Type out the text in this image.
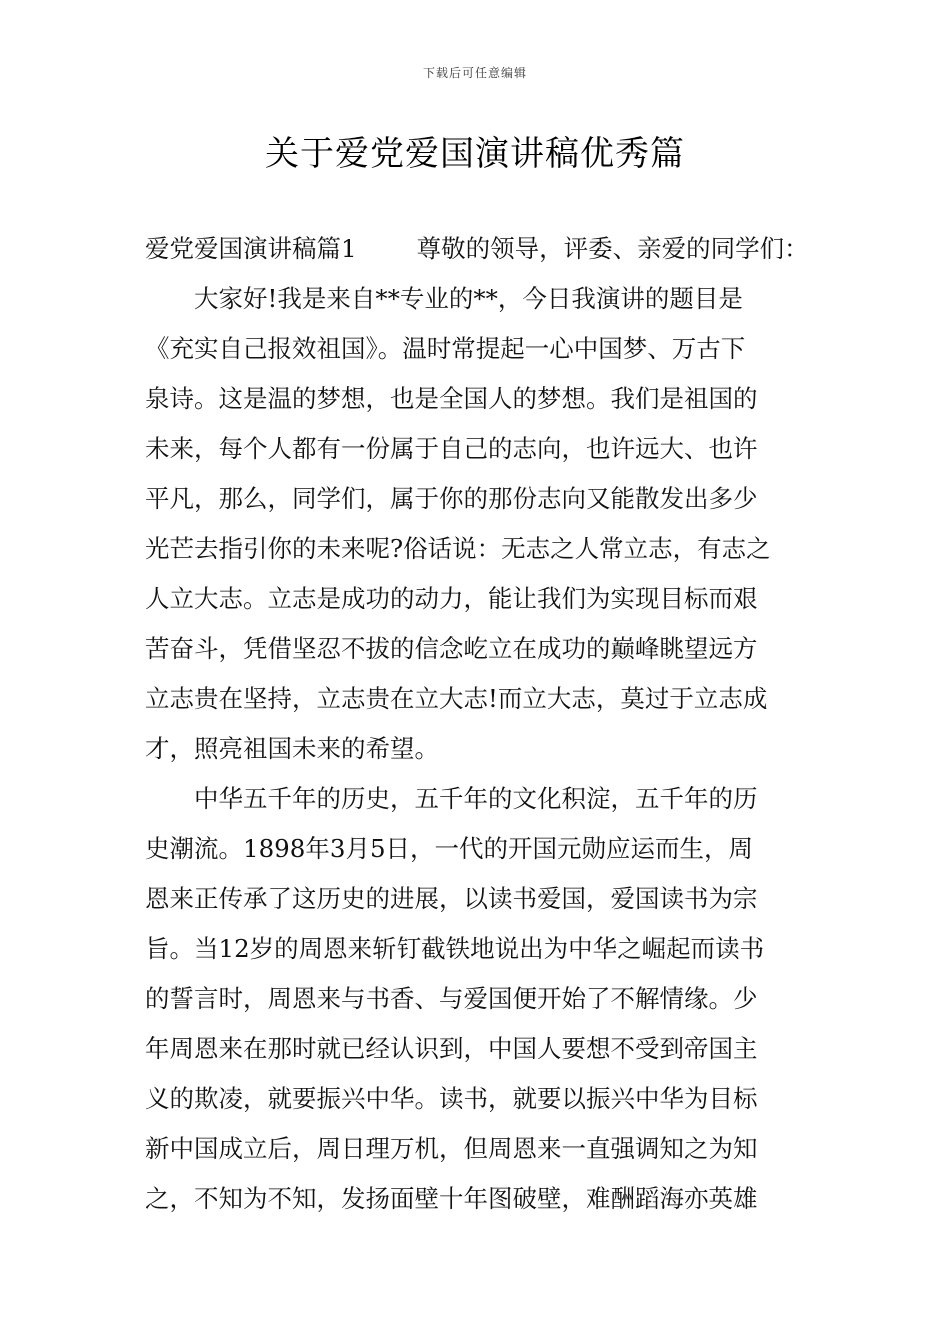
下载后可任意编辑
关于爱党爱国演讲稿优秀篇
爱党爱国演讲稿篇1 尊敬的领导，评委、亲爱的同学们：
　　大家好!我是来自**专业的**，今日我演讲的题目是
《充实自己报效祖国》。温时常提起一心中国梦、万古下
泉诗。这是温的梦想，也是全国人的梦想。我们是祖国的
未来，每个人都有一份属于自己的志向，也许远大、也许
平凡，那么，同学们，属于你的那份志向又能散发出多少
光芒去指引你的未来呢?俗话说：无志之人常立志，有志之
人立大志。立志是成功的动力，能让我们为实现目标而艰
苦奋斗，凭借坚忍不拔的信念屹立在成功的巅峰眺望远方
立志贵在坚持，立志贵在立大志!而立大志，莫过于立志成
才，照亮祖国未来的希望。
　　中华五千年的历史，五千年的文化积淀，五千年的历
史潮流。1898年3月5日，一代的开国元勋应运而生，周
恩来正传承了这历史的进展，以读书爱国，爱国读书为宗
旨。当12岁的周恩来斩钉截铁地说出为中华之崛起而读书
的誓言时，周恩来与书香、与爱国便开始了不解情缘。少
年周恩来在那时就已经认识到，中国人要想不受到帝国主
义的欺凌，就要振兴中华。读书，就要以振兴中华为目标
新中国成立后，周日理万机，但周恩来一直强调知之为知
之，不知为不知，发扬面壁十年图破壁，难酬蹈海亦英雄
